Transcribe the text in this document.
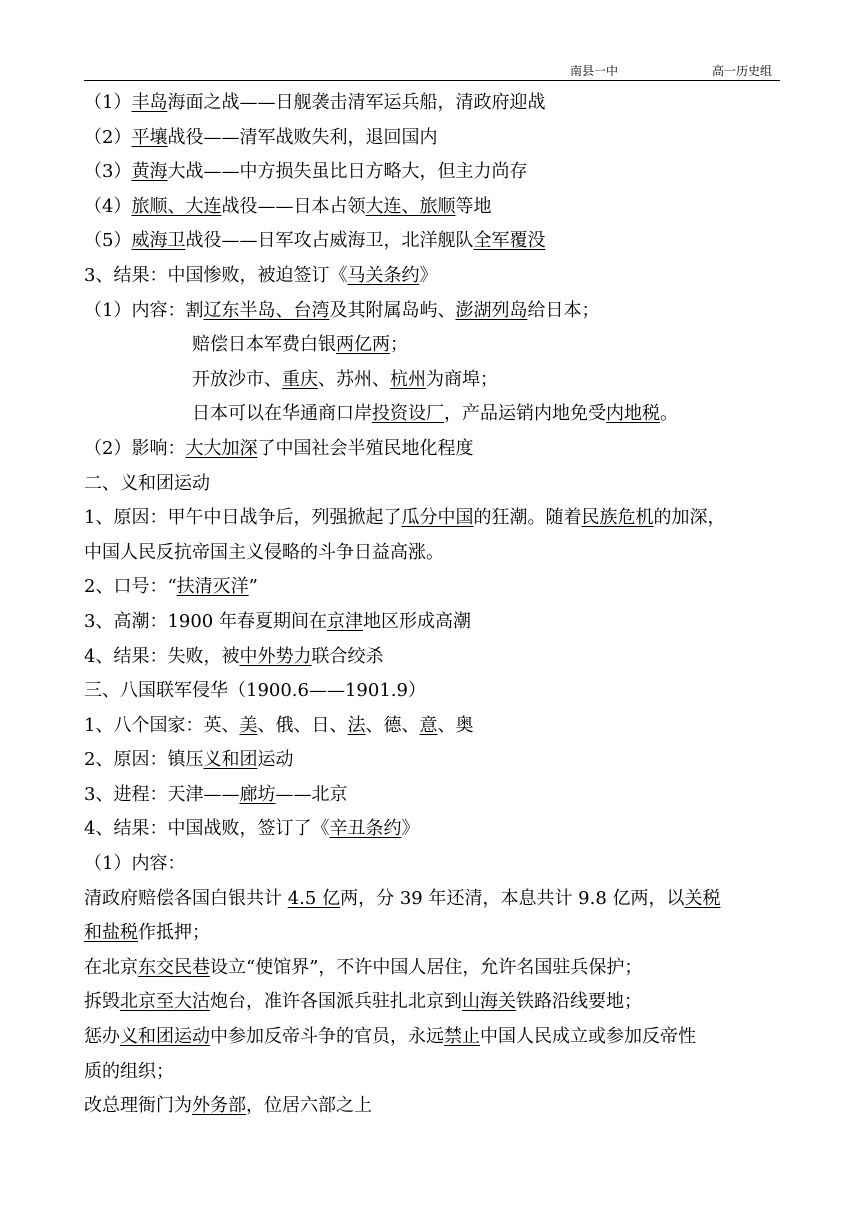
南县一中	高一历史组
（1）丰岛海面之战——日舰袭击清军运兵船，清政府迎战
（2）平壤战役——清军战败失利，退回国内
（3）黄海大战——中方损失虽比日方略大，但主力尚存
（4）旅顺、大连战役——日本占领大连、旅顺等地
（5）威海卫战役——日军攻占威海卫，北洋舰队全军覆没
3、结果：中国惨败，被迫签订《马关条约》
（1）内容：割辽东半岛、台湾及其附属岛屿、澎湖列岛给日本；
赔偿日本军费白银两亿两；
开放沙市、重庆、苏州、杭州为商埠；
日本可以在华通商口岸投资设厂，产品运销内地免受内地税。
（2）影响：大大加深了中国社会半殖民地化程度
二、义和团运动
1、原因：甲午中日战争后，列强掀起了瓜分中国的狂潮。随着民族危机的加深，
中国人民反抗帝国主义侵略的斗争日益高涨。
2、口号：“扶清灭洋”
3、高潮：1900 年春夏期间在京津地区形成高潮
4、结果：失败，被中外势力联合绞杀
三、八国联军侵华（1900.6——1901.9）
1、八个国家：英、美、俄、日、法、德、意、奥
2、原因：镇压义和团运动
3、进程：天津——廊坊——北京
4、结果：中国战败，签订了《辛丑条约》
（1）内容：
清政府赔偿各国白银共计 4.5 亿两，分 39 年还清，本息共计 9.8 亿两，以关税
和盐税作抵押；
在北京东交民巷设立“使馆界”，不许中国人居住，允许名国驻兵保护；
拆毁北京至大沽炮台，准许各国派兵驻扎北京到山海关铁路沿线要地；
惩办义和团运动中参加反帝斗争的官员，永远禁止中国人民成立或参加反帝性
质的组织；
改总理衙门为外务部，位居六部之上
